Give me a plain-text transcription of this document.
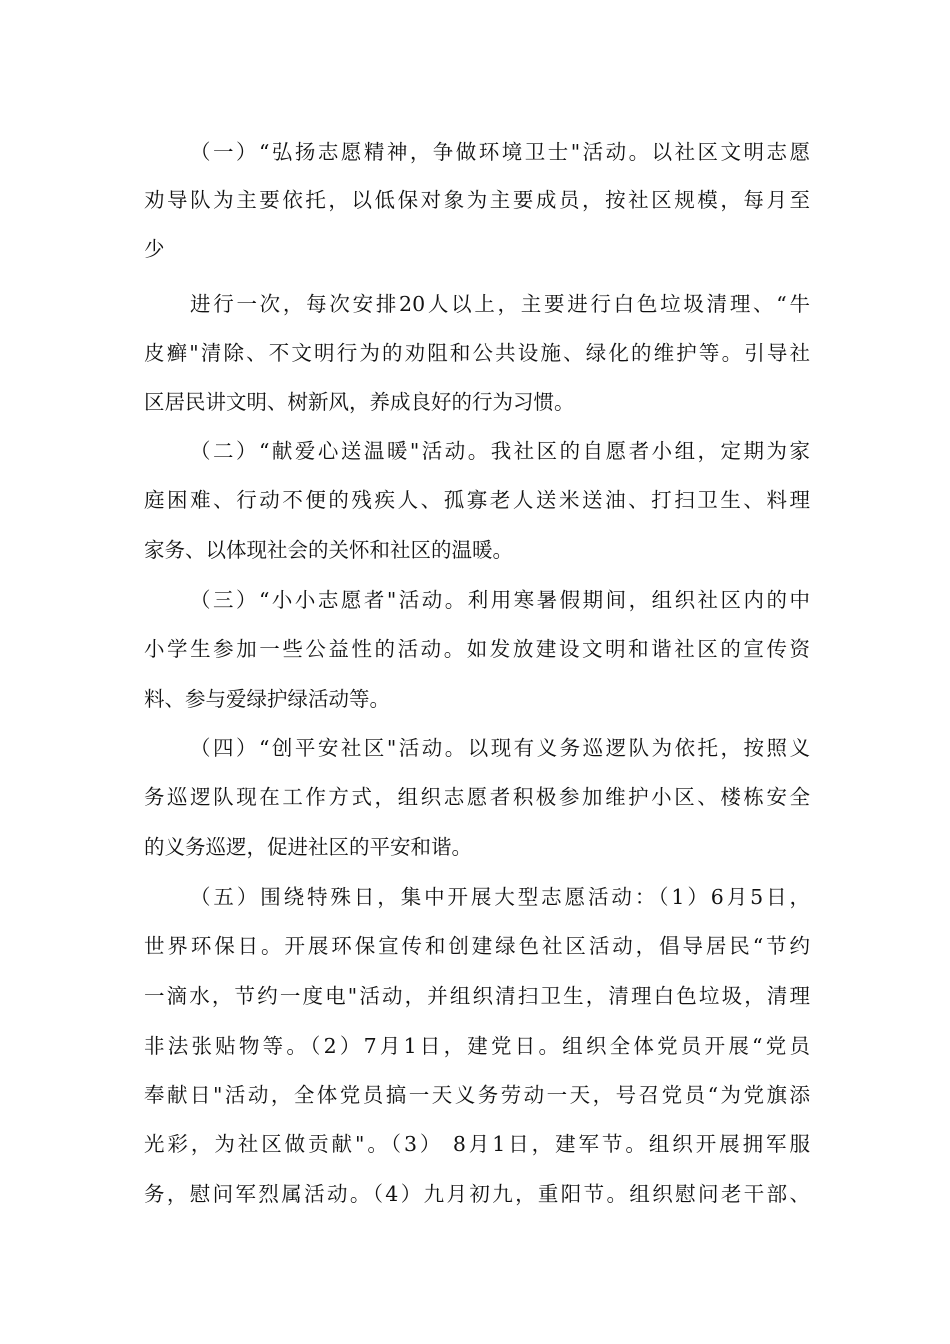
（一）“弘扬志愿精神，争做环境卫士"活动。以社区文明志愿
劝导队为主要依托，以低保对象为主要成员，按社区规模，每月至
少
进行一次，每次安排20人以上，主要进行白色垃圾清理、“牛
皮癣"清除、不文明行为的劝阻和公共设施、绿化的维护等。引导社
区居民讲文明、树新风，养成良好的行为习惯。
（二）“献爱心送温暖"活动。我社区的自愿者小组，定期为家
庭困难、行动不便的残疾人、孤寡老人送米送油、打扫卫生、料理
家务、以体现社会的关怀和社区的温暖。
（三）“小小志愿者"活动。利用寒暑假期间，组织社区内的中
小学生参加一些公益性的活动。如发放建设文明和谐社区的宣传资
料、参与爱绿护绿活动等。
（四）“创平安社区"活动。以现有义务巡逻队为依托，按照义
务巡逻队现在工作方式，组织志愿者积极参加维护小区、楼栋安全
的义务巡逻，促进社区的平安和谐。
（五）围绕特殊日，集中开展大型志愿活动：（1）6月5日，
世界环保日。开展环保宣传和创建绿色社区活动，倡导居民“节约
一滴水，节约一度电"活动，并组织清扫卫生，清理白色垃圾，清理
非法张贴物等。（2）7月1日，建党日。组织全体党员开展“党员
奉献日"活动，全体党员搞一天义务劳动一天，号召党员“为党旗添
光彩，为社区做贡献"。（3） 8月1日，建军节。组织开展拥军服
务，慰问军烈属活动。（4）九月初九，重阳节。组织慰问老干部、
